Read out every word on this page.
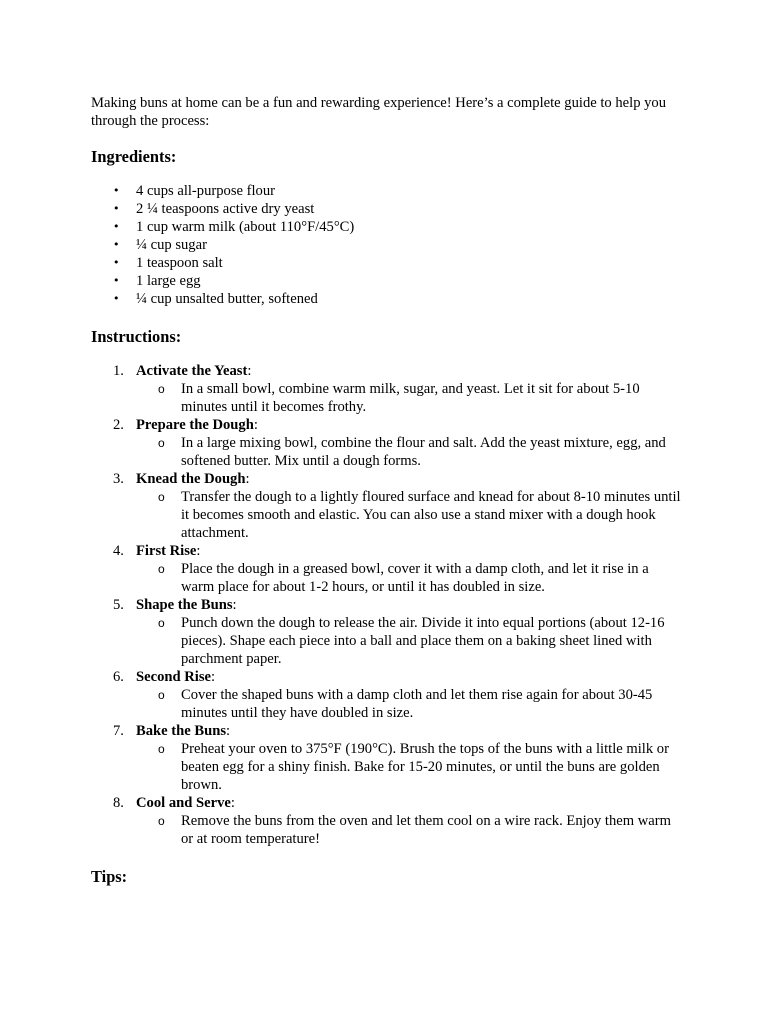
Making buns at home can be a fun and rewarding experience! Here’s a complete guide to help you through the process:

Ingredients:
• 4 cups all-purpose flour
• 2 ¼ teaspoons active dry yeast
• 1 cup warm milk (about 110°F/45°C)
• ¼ cup sugar
• 1 teaspoon salt
• 1 large egg
• ¼ cup unsalted butter, softened
Instructions:
1. Activate the Yeast:
o In a small bowl, combine warm milk, sugar, and yeast. Let it sit for about 5-10 minutes until it becomes frothy.
2. Prepare the Dough:
o In a large mixing bowl, combine the flour and salt. Add the yeast mixture, egg, and softened butter. Mix until a dough forms.
3. Knead the Dough:
o Transfer the dough to a lightly floured surface and knead for about 8-10 minutes until it becomes smooth and elastic. You can also use a stand mixer with a dough hook attachment.
4. First Rise:
o Place the dough in a greased bowl, cover it with a damp cloth, and let it rise in a warm place for about 1-2 hours, or until it has doubled in size.
5. Shape the Buns:
o Punch down the dough to release the air. Divide it into equal portions (about 12-16 pieces). Shape each piece into a ball and place them on a baking sheet lined with parchment paper.
6. Second Rise:
o Cover the shaped buns with a damp cloth and let them rise again for about 30-45 minutes until they have doubled in size.
7. Bake the Buns:
o Preheat your oven to 375°F (190°C). Brush the tops of the buns with a little milk or beaten egg for a shiny finish. Bake for 15-20 minutes, or until the buns are golden brown.
8. Cool and Serve:
o Remove the buns from the oven and let them cool on a wire rack. Enjoy them warm or at room temperature!
Tips:
